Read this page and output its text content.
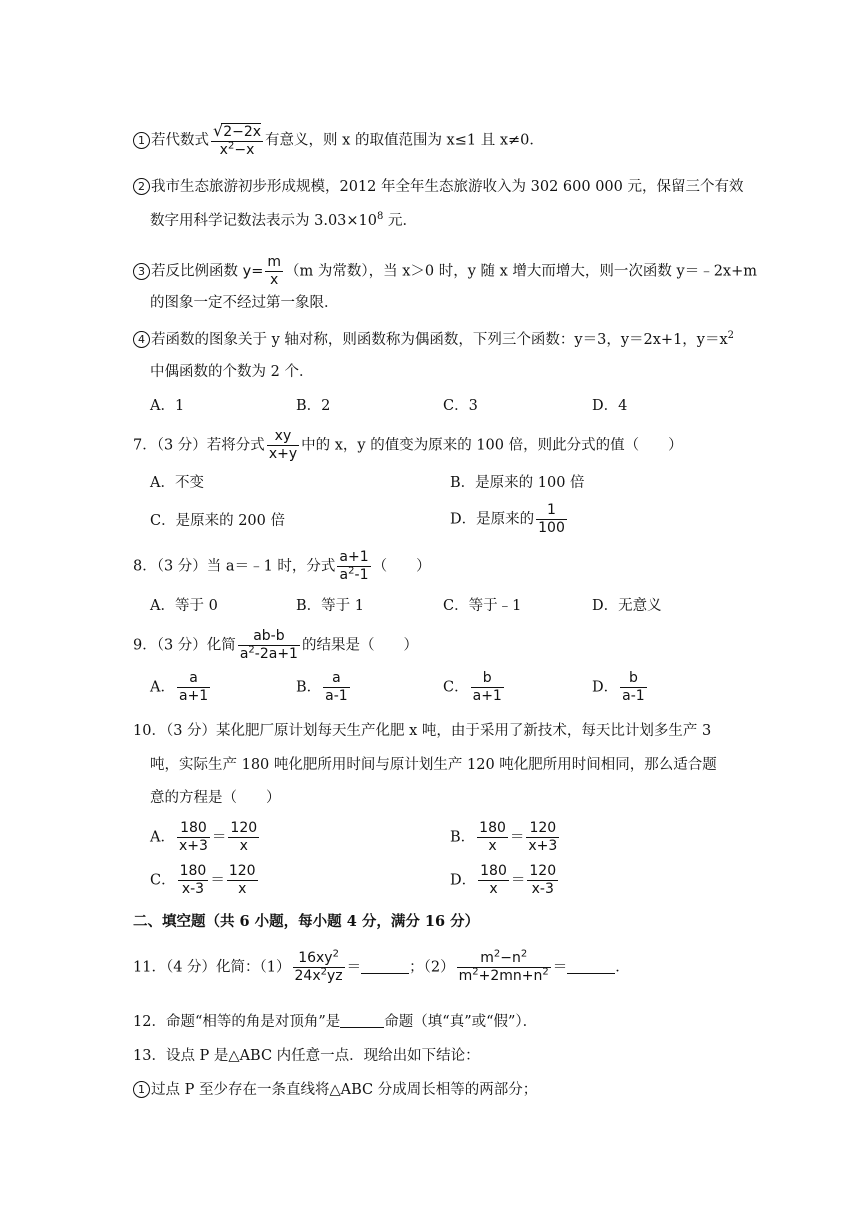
1 若代数式 $\frac{√2-2x}{x^2-x}$ 有意义，则 x 的取值范围为 x≤1 且 x≠0．
2 我市生态旅游初步形成规模，2012 年全年生态旅游收入为 302 600 000 元，保留三个有效
数字用科学记数法表示为 $3.03\times 10^8$ 元．
3 若反比例函数 $y= \frac{m}{x} (m$ 为常数），当 x＞0 时，y 随 x 增大而增大，则一次函数 y＝﹣2x+m
的图象一定不经过第一象限．
4 若函数的图象关于 y 轴对称，则函数称为偶函数，下列三个函数：y＝3，y＝2x+1，$y=x^2$
中偶函数的个数为 2 个．
A．1	B．2	C．3	D．4
7．（3 分）若将分式 $\frac{xy}{x+y}$ 中的 x，y 的值变为原来的 100 倍，则此分式的值（　　）
A．不变	B．是原来的 100 倍
C．是原来的 200 倍	D．是原来的 $\frac{1}{100}$
8．（3 分）当 a＝﹣1 时，分式 $\frac{a+1}{a^2-1}$ （　　）
A．等于 0	B．等于 1	C．等于﹣1	D．无意义
9．（3 分）化简 $\frac{ab-b}{a^2-2a+1}$ 的结果是（　　）
A． $\frac{a}{a+1}$	B． $\frac{a}{a-1}$	C． $\frac{b}{a+1}$	D． $\frac{b}{a-1}$
10．（3 分）某化肥厂原计划每天生产化肥 x 吨，由于采用了新技术，每天比计划多生产 3
吨，实际生产 180 吨化肥所用时间与原计划生产 120 吨化肥所用时间相同，那么适合题
意的方程是（　　）
A． $\frac{180}{x+3} = \frac{120}{x}$	B． $\frac{180}{x} = \frac{120}{x+3}$
C． $\frac{180}{x-3} = \frac{120}{x}$	D． $\frac{180}{x} = \frac{120}{x-3}$
二、填空题（共 6 小题，每小题 4 分，满分 16 分）
11．（4 分）化简：$(1) \frac{16xy^2}{24x^2yz}$ ＝	；$(2) \frac{m^2-n^2}{m^2+2mn+n^2}$ ＝	．
12．命题“相等的角是对顶角”是	命题（填“真”或“假”）．
13．设点 P 是△ABC 内任意一点．现给出如下结论：
1 过点 P 至少存在一条直线将△ABC 分成周长相等的两部分；
